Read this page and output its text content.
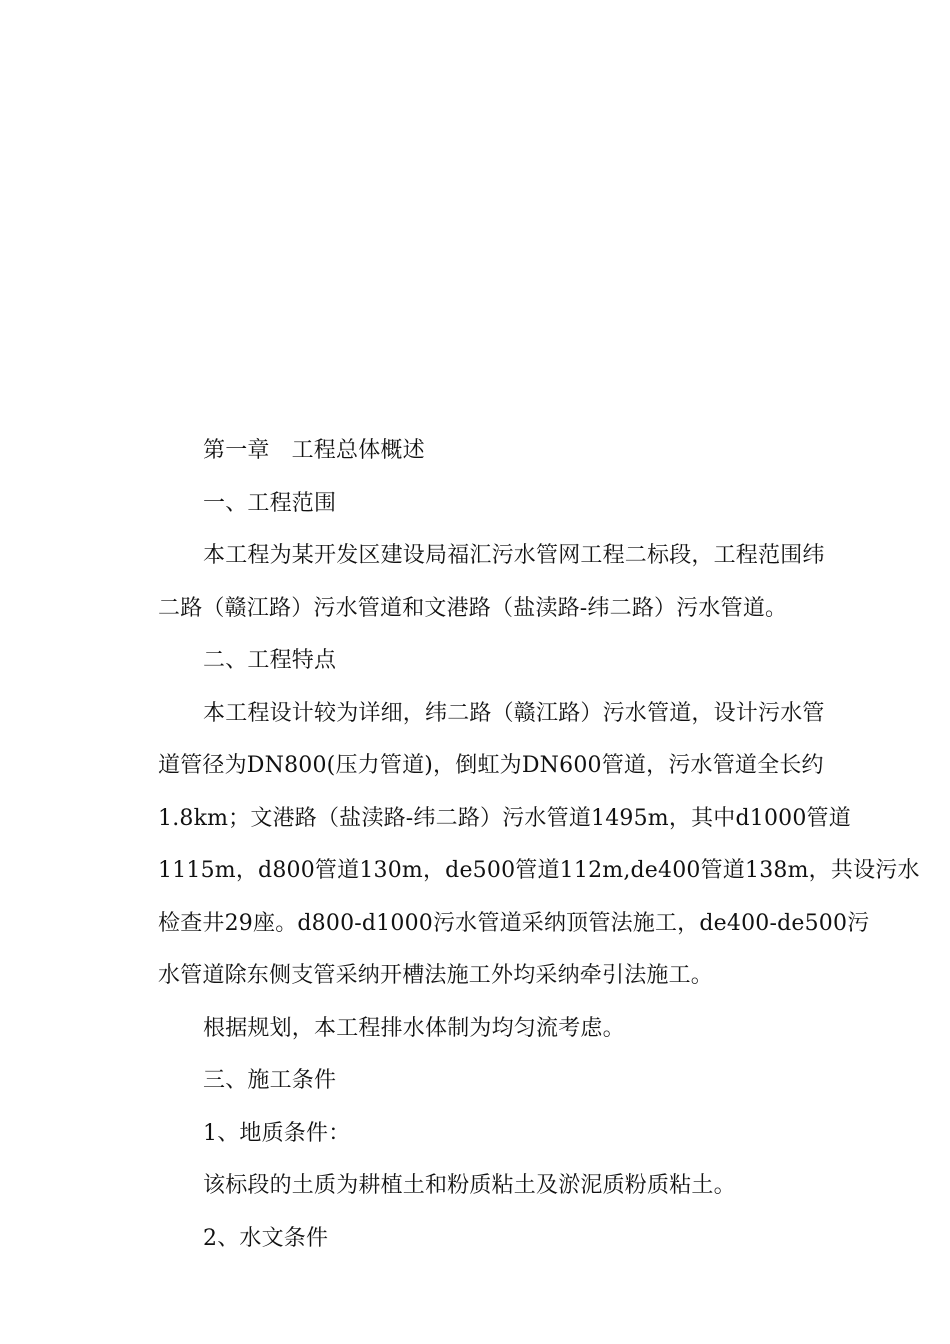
第一章 工程总体概述
一、工程范围
本工程为某开发区建设局福汇污水管网工程二标段，工程范围纬
二路（赣江路）污水管道和文港路（盐渎路-纬二路）污水管道。
二、工程特点
本工程设计较为详细，纬二路（赣江路）污水管道，设计污水管
道管径为DN800(压力管道)，倒虹为DN600管道，污水管道全长约
1.8km；文港路（盐渎路-纬二路）污水管道1495m，其中d1000管道
1115m，d800管道130m，de500管道112m,de400管道138m，共设污水
检查井29座。d800-d1000污水管道采纳顶管法施工，de400-de500污
水管道除东侧支管采纳开槽法施工外均采纳牵引法施工。
根据规划，本工程排水体制为均匀流考虑。
三、施工条件
1、地质条件：
该标段的土质为耕植土和粉质粘土及淤泥质粉质粘土。
2、水文条件
